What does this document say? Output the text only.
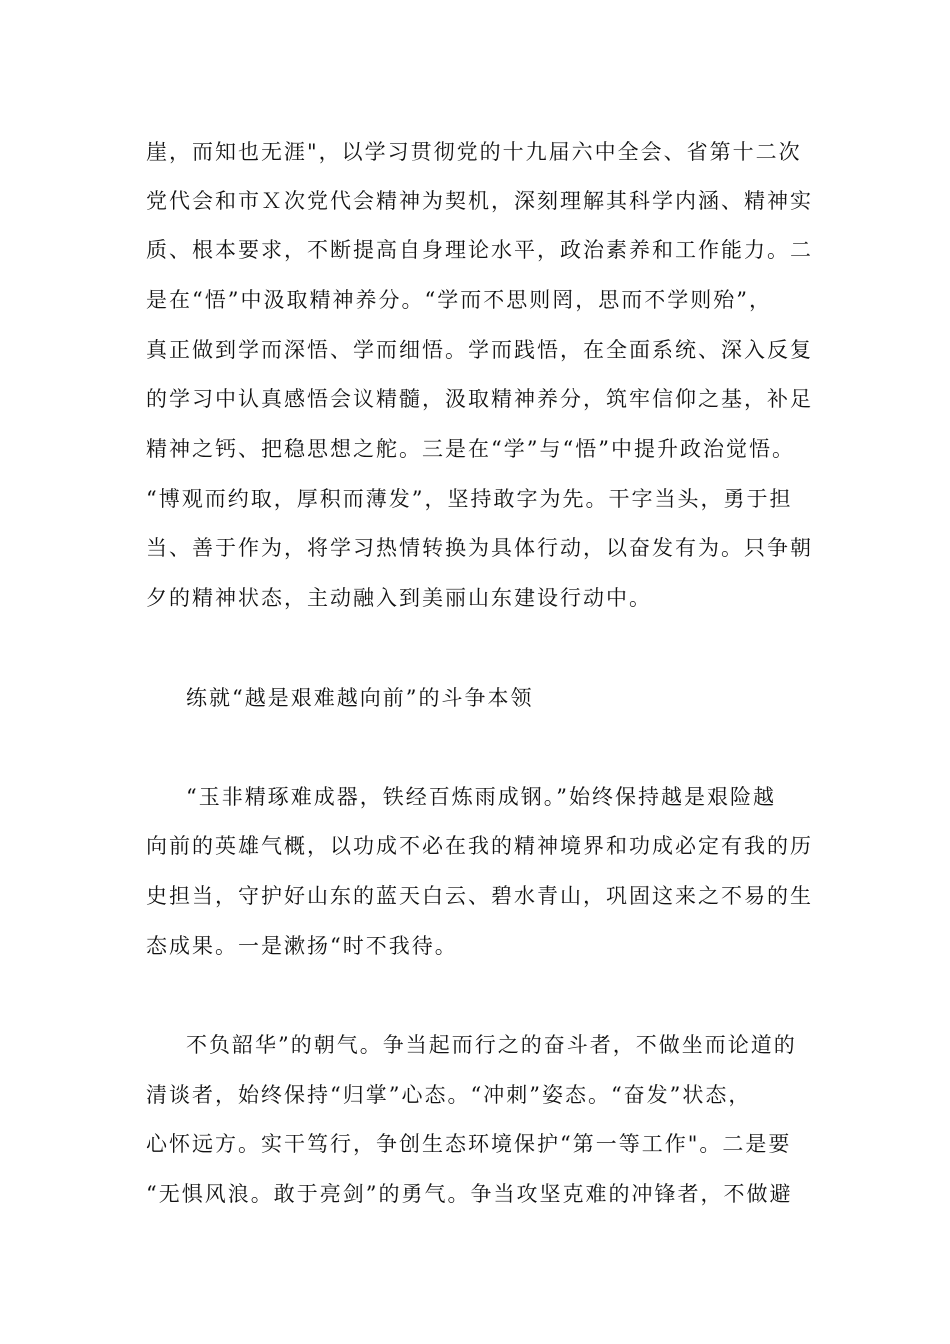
崖，而知也无涯"，以学习贯彻党的十九届六中全会、省第十二次
党代会和市Ｘ次党代会精神为契机，深刻理解其科学内涵、精神实
质、根本要求，不断提高自身理论水平，政治素养和工作能力。二
是在“悟”中汲取精神养分。“学而不思则罔，思而不学则殆”，
真正做到学而深悟、学而细悟。学而践悟，在全面系统、深入反复
的学习中认真感悟会议精髓，汲取精神养分，筑牢信仰之基，补足
精神之钙、把稳思想之舵。三是在“学”与“悟”中提升政治觉悟。
“博观而约取，厚积而薄发”，坚持敢字为先。干字当头，勇于担
当、善于作为，将学习热情转换为具体行动，以奋发有为。只争朝
夕的精神状态，主动融入到美丽山东建设行动中。
练就“越是艰难越向前”的斗争本领
“玉非精琢难成器，铁经百炼雨成钢。”始终保持越是艰险越
向前的英雄气概，以功成不必在我的精神境界和功成必定有我的历
史担当，守护好山东的蓝天白云、碧水青山，巩固这来之不易的生
态成果。一是漱扬“时不我待。
不负韶华”的朝气。争当起而行之的奋斗者，不做坐而论道的
清谈者，始终保持“归掌”心态。“冲刺”姿态。“奋发”状态，
心怀远方。实干笃行，争创生态环境保护“第一等工作"。二是要
“无惧风浪。敢于亮剑”的勇气。争当攻坚克难的冲锋者，不做避
